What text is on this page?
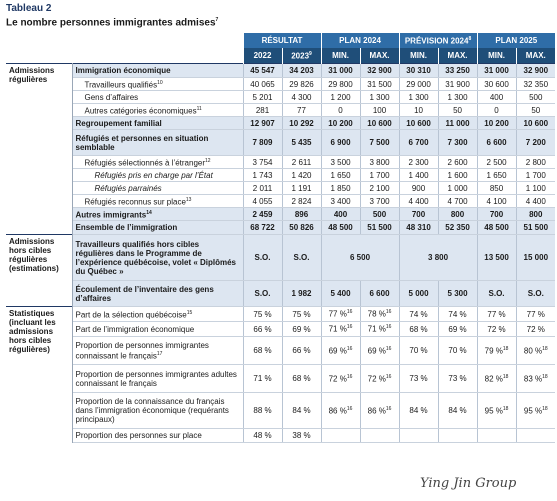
Tableau 2
Le nombre personnes immigrantes admises$^7$
		RÉSULTAT		PLAN 2024		PRÉVISION 2024$^8$		PLAN 2025	
		2022	2023$^9$	MIN.	MAX.	MIN.	MAX.	MIN.	MAX.
Admissions régulières	Immigration économique	45 547	34 203	31 000	32 900	30 310	33 250	31 000	32 900
	Travailleurs qualifiés$^{10}$	40 065	29 826	29 800	31 500	29 000	31 900	30 600	32 350
	Gens d’affaires	5 201	4 300	1 200	1 300	1 300	1 300	400	500
	Autres catégories économiques$^{11}$	281	77	0	100	10	50	0	50
	Regroupement familial	12 907	10 292	10 200	10 600	10 600	11 000	10 200	10 600
	Réfugiés et personnes en situation semblable	7 809	5 435	6 900	7 500	6 700	7 300	6 600	7 200
	Réfugiés sélectionnés à l’étranger$^{12}$	3 754	2 611	3 500	3 800	2 300	2 600	2 500	2 800
	Réfugiés pris en charge par l’État	1 743	1 420	1 650	1 700	1 400	1 600	1 650	1 700
	Réfugiés parrainés	2 011	1 191	1 850	2 100	900	1 000	850	1 100
	Réfugiés reconnus sur place$^{13}$	4 055	2 824	3 400	3 700	4 400	4 700	4 100	4 400
	Autres immigrants$^{14}$	2 459	896	400	500	700	800	700	800
	Ensemble de l’immigration	68 722	50 826	48 500	51 500	48 310	52 350	48 500	51 500
Admissions hors cibles régulières (estimations)	Travailleurs qualifiés hors cibles régulières dans le Programme de l’expérience québécoise, volet « Diplômés du Québec »	S.O.	S.O.	6 500		3 800		13 500	15 000
	Écoulement de l’inventaire des gens d’affaires	S.O.	1 982	5 400	6 600	5 000	5 300	S.O.	S.O.
Statistiques (incluant les admissions hors cibles régulières)	Part de la sélection québécoise$^{15}$	75 %	75 %	77 %$^{16}$	78 %$^{16}$	74 %	74 %	77 %	77 %
	Part de l’immigration économique	66 %	69 %	71 %$^{16}$	71 %$^{16}$	68 %	69 %	72 %	72 %
	Proportion de personnes immigrantes connaissant le français$^{17}$	68 %	66 %	69 %$^{16}$	69 %$^{16}$	70 %	70 %	79 %$^{18}$	80 %$^{18}$
	Proportion de personnes immigrantes adultes connaissant le français	71 %	68 %	72 %$^{16}$	72 %$^{16}$	73 %	73 %	82 %$^{18}$	83 %$^{18}$
	Proportion de la connaissance du français dans l’immigration économique (requérants principaux)	88 %	84 %	86 %$^{16}$	86 %$^{16}$	84 %	84 %	95 %$^{18}$	95 %$^{18}$
	Proportion des personnes sur place	48 %	38 %						
Ying Jin Group
